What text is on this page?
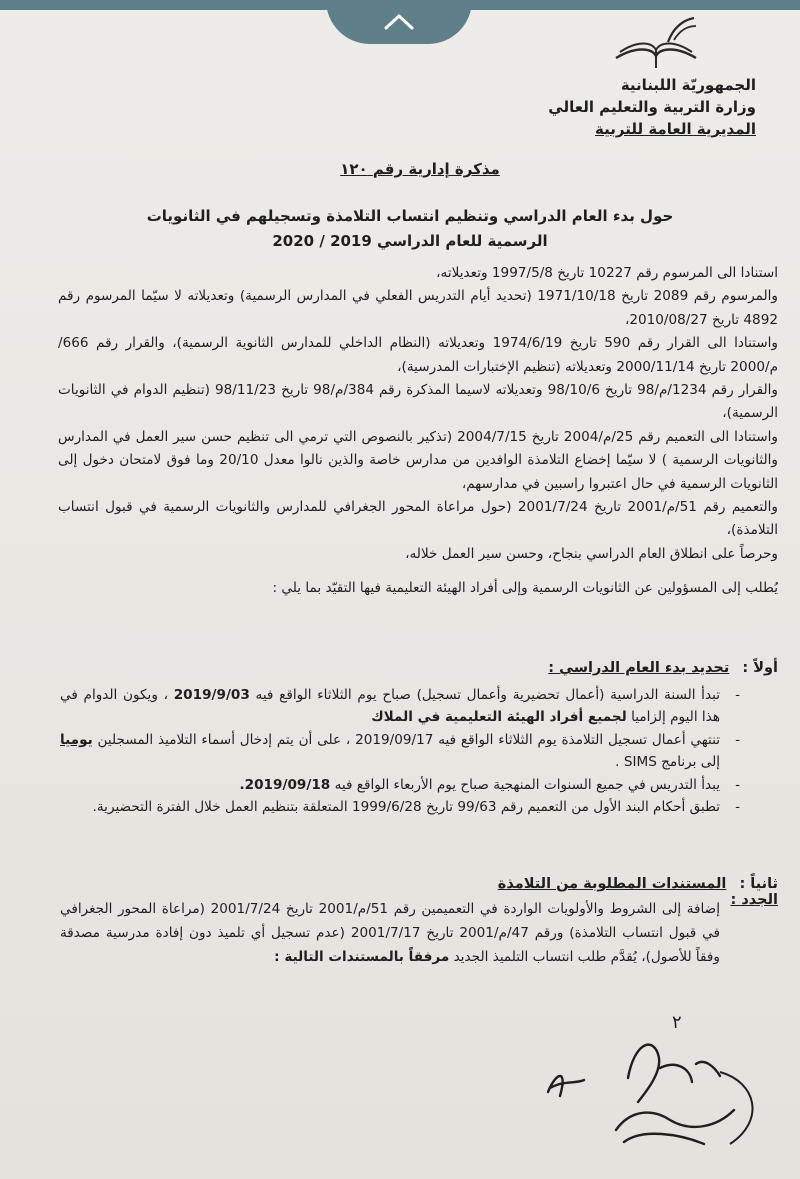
الجمهوريّة اللبنانية
وزارة التربية والتعليم العالي
المديرية العامة للتربية
مذكرة إدارية رقم ١٢٠
حول بدء العام الدراسي وتنظيم انتساب التلامذة وتسجيلهم في الثانويات
الرسمية للعام الدراسي 2019 / 2020

استنادا الى المرسوم رقم 10227 تاريخ 1997/5/8 وتعديلاته،

والمرسوم رقم 2089 تاريخ 1971/10/18 (تحديد أيام التدريس الفعلي في المدارس الرسمية) وتعديلاته لا سيّما المرسوم رقم 4892 تاريخ 2010/08/27،

واستنادا الى القرار رقم 590 تاريخ 1974/6/19 وتعديلاته (النظام الداخلي للمدارس الثانوية الرسمية)، والقرار رقم 666/م/2000 تاريخ 2000/11/14 وتعديلاته (تنظيم الإختبارات المدرسية)،

والقرار رقم 1234/م/98 تاريخ 98/10/6 وتعديلاته لاسيما المذكرة رقم 384/م/98 تاريخ 98/11/23 (تنظيم الدوام في الثانويات الرسمية)،

واستنادا الى التعميم رقم 25/م/2004 تاريخ 2004/7/15 (تذكير بالنصوص التي ترمي الى تنظيم حسن سير العمل في المدارس والثانويات الرسمية ) لا سيّما إخضاع التلامذة الوافدين من مدارس خاصة والذين نالوا معدل 20/10 وما فوق لامتحان دخول إلى الثانويات الرسمية في حال اعتبروا راسبين في مدارسهم،

والتعميم رقم 51/م/2001 تاريخ 2001/7/24 (حول مراعاة المحور الجغرافي للمدارس والثانويات الرسمية في قبول انتساب التلامذة)،

وحرصاً على انطلاق العام الدراسي بنجاح، وحسن سير العمل خلاله،

يُطلب إلى المسؤولين عن الثانويات الرسمية وإلى أفراد الهيئة التعليمية فيها التقيّد بما يلي :

أولاً : تحديد بدء العام الدراسي :
- تبدأ السنة الدراسية (أعمال تحضيرية وأعمال تسجيل) صباح يوم الثلاثاء الواقع فيه 2019/9/03 ، ويكون الدوام في هذا اليوم إلزاميا لجميع أفراد الهيئة التعليمية في الملاك
- تنتهي أعمال تسجيل التلامذة يوم الثلاثاء الواقع فيه 2019/09/17 ، على أن يتم إدخال أسماء التلاميذ المسجلين يوميا إلى برنامج SIMS .
- يبدأ التدريس في جميع السنوات المنهجية صباح يوم الأربعاء الواقع فيه 2019/09/18.
- تطبق أحكام البند الأول من التعميم رقم 99/63 تاريخ 1999/6/28 المتعلقة بتنظيم العمل خلال الفترة التحضيرية.
ثانياً : المستندات المطلوبة من التلامذة الجدد :

إضافة إلى الشروط والأولويات الواردة في التعميمين رقم 51/م/2001 تاريخ 2001/7/24 (مراعاة المحور الجغرافي في قبول انتساب التلامذة) ورقم 47/م/2001 تاريخ 2001/7/17 (عدم تسجيل أي تلميذ دون إفادة مدرسية مصدقة وفقاً للأصول)، يُقدَّم طلب انتساب التلميذ الجديد مرفقاً بالمستندات التالية :

٢
